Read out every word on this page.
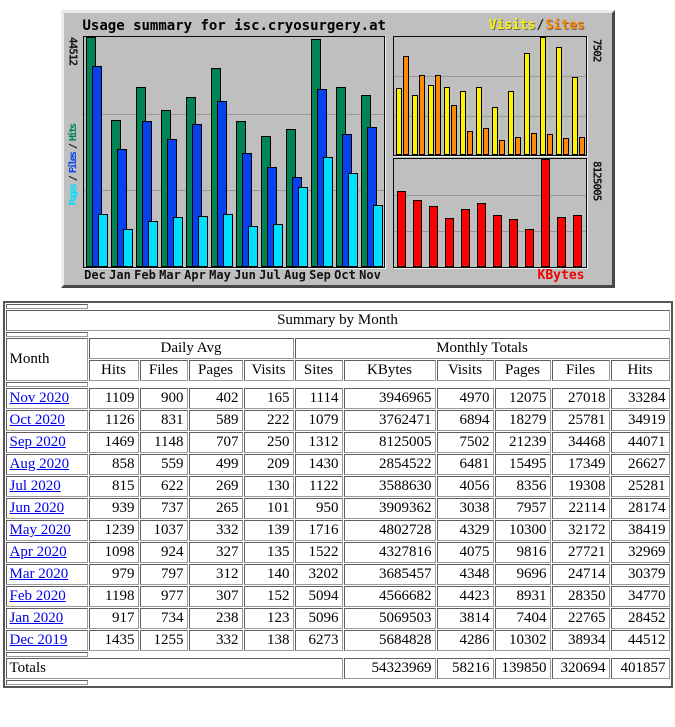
Usage summary for isc.cryosurgery.at	Visits/Sites
44512
Pages / Files / Hits
7502
8125005
Dec Jan Feb Mar Apr May Jun Jul Aug Sep Oct Nov	KBytes

Summary by Month										

Month	Daily Avg				Monthly Totals					
	Hits	Files	Pages	Visits	Sites	KBytes	Visits	Pages	Files	Hits

Nov 2020	1109	900	402	165	1114	3946965	4970	12075	27018	33284
Oct 2020	1126	831	589	222	1079	3762471	6894	18279	25781	34919
Sep 2020	1469	1148	707	250	1312	8125005	7502	21239	34468	44071
Aug 2020	858	559	499	209	1430	2854522	6481	15495	17349	26627
Jul 2020	815	622	269	130	1122	3588630	4056	8356	19308	25281
Jun 2020	939	737	265	101	950	3909362	3038	7957	22114	28174
May 2020	1239	1037	332	139	1716	4802728	4329	10300	32172	38419
Apr 2020	1098	924	327	135	1522	4327816	4075	9816	27721	32969
Mar 2020	979	797	312	140	3202	3685457	4348	9696	24714	30379
Feb 2020	1198	977	307	152	5094	4566682	4423	8931	28350	34770
Jan 2020	917	734	238	123	5096	5069503	3814	7404	22765	28452
Dec 2019	1435	1255	332	138	6273	5684828	4286	10302	38934	44512

Totals						54323969	58216	139850	320694	401857
